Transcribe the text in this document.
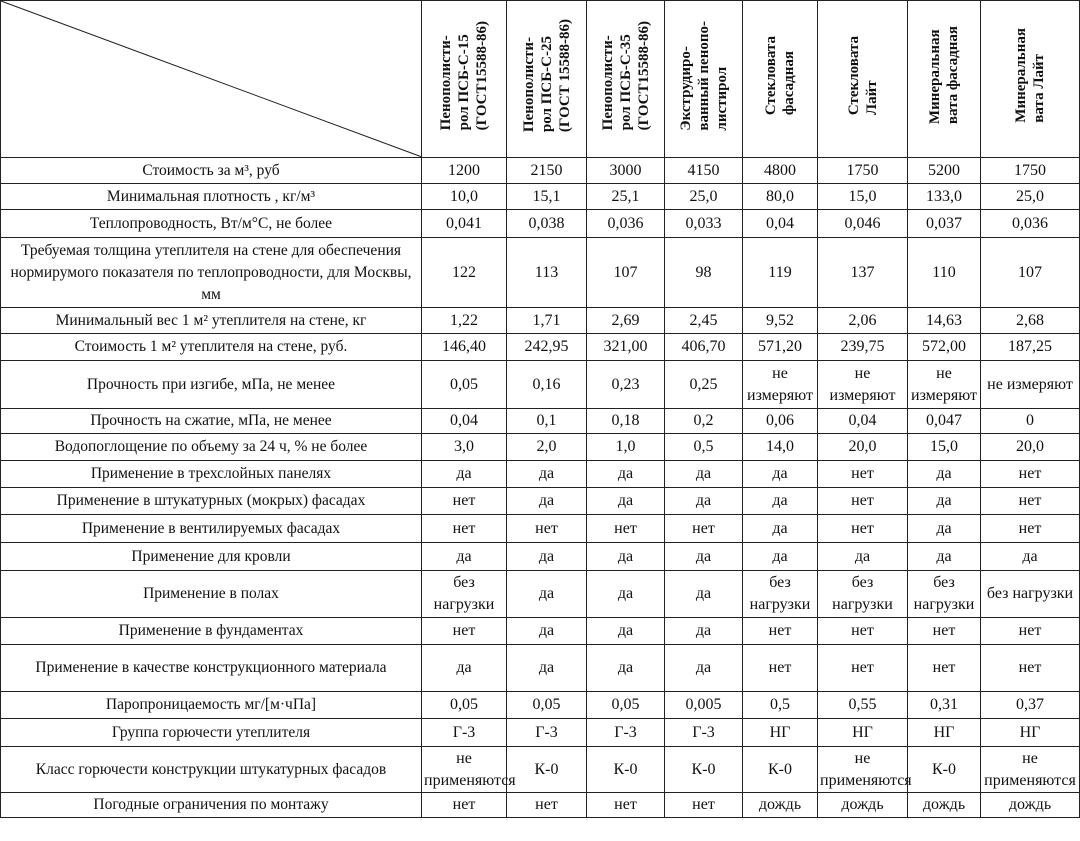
	Пенополисти-
рол ПСБ-С-15
(ГОСТ15588-86)	Пенополисти-
рол ПСБ-С-25
(ГОСТ 15588-86)	Пенополисти-
рол ПСБ-С-35
(ГОСТ15588-86)	Экструдиро-
ванный пенопо-
листирол	Стекловата
фасадная	Стекловата
Лайт	Минеральная
вата фасадная	Минеральная
вата Лайт
Стоимость за м³, руб	1200	2150	3000	4150	4800	1750	5200	1750
Минимальная плотность , кг/м³	10,0	15,1	25,1	25,0	80,0	15,0	133,0	25,0
Теплопроводность, Вт/м°С, не более	0,041	0,038	0,036	0,033	0,04	0,046	0,037	0,036
Требуемая толщина утеплителя на стене для обеспечения нормирумого показателя по теплопроводности, для Москвы, мм	122	113	107	98	119	137	110	107
Минимальный вес 1 м² утеплителя на стене, кг	1,22	1,71	2,69	2,45	9,52	2,06	14,63	2,68
Стоимость 1 м² утеплителя на стене, руб.	146,40	242,95	321,00	406,70	571,20	239,75	572,00	187,25
Прочность при изгибе, мПа, не менее	0,05	0,16	0,23	0,25	не измеряют	не измеряют	не измеряют	не измеряют
Прочность на сжатие, мПа, не менее	0,04	0,1	0,18	0,2	0,06	0,04	0,047	0
Водопоглощение по объему за 24 ч, % не более	3,0	2,0	1,0	0,5	14,0	20,0	15,0	20,0
Применение в трехслойных панелях	да	да	да	да	да	нет	да	нет
Применение в штукатурных (мокрых) фасадах	нет	да	да	да	да	нет	да	нет
Применение в вентилируемых фасадах	нет	нет	нет	нет	да	нет	да	нет
Применение для кровли	да	да	да	да	да	да	да	да
Применение в полах	без нагрузки	да	да	да	без нагрузки	без нагрузки	без нагрузки	без нагрузки
Применение в фундаментах	нет	да	да	да	нет	нет	нет	нет
Применение в качестве конструкционного материала	да	да	да	да	нет	нет	нет	нет
Паропроницаемость мг/[м·чПа]	0,05	0,05	0,05	0,005	0,5	0,55	0,31	0,37
Группа горючести утеплителя	Г-3	Г-3	Г-3	Г-3	НГ	НГ	НГ	НГ
Класс горючести конструкции штукатурных фасадов	не применяются	К-0	К-0	К-0	К-0	не применяются	К-0	не применяются
Погодные ограничения по монтажу	нет	нет	нет	нет	дождь	дождь	дождь	дождь
